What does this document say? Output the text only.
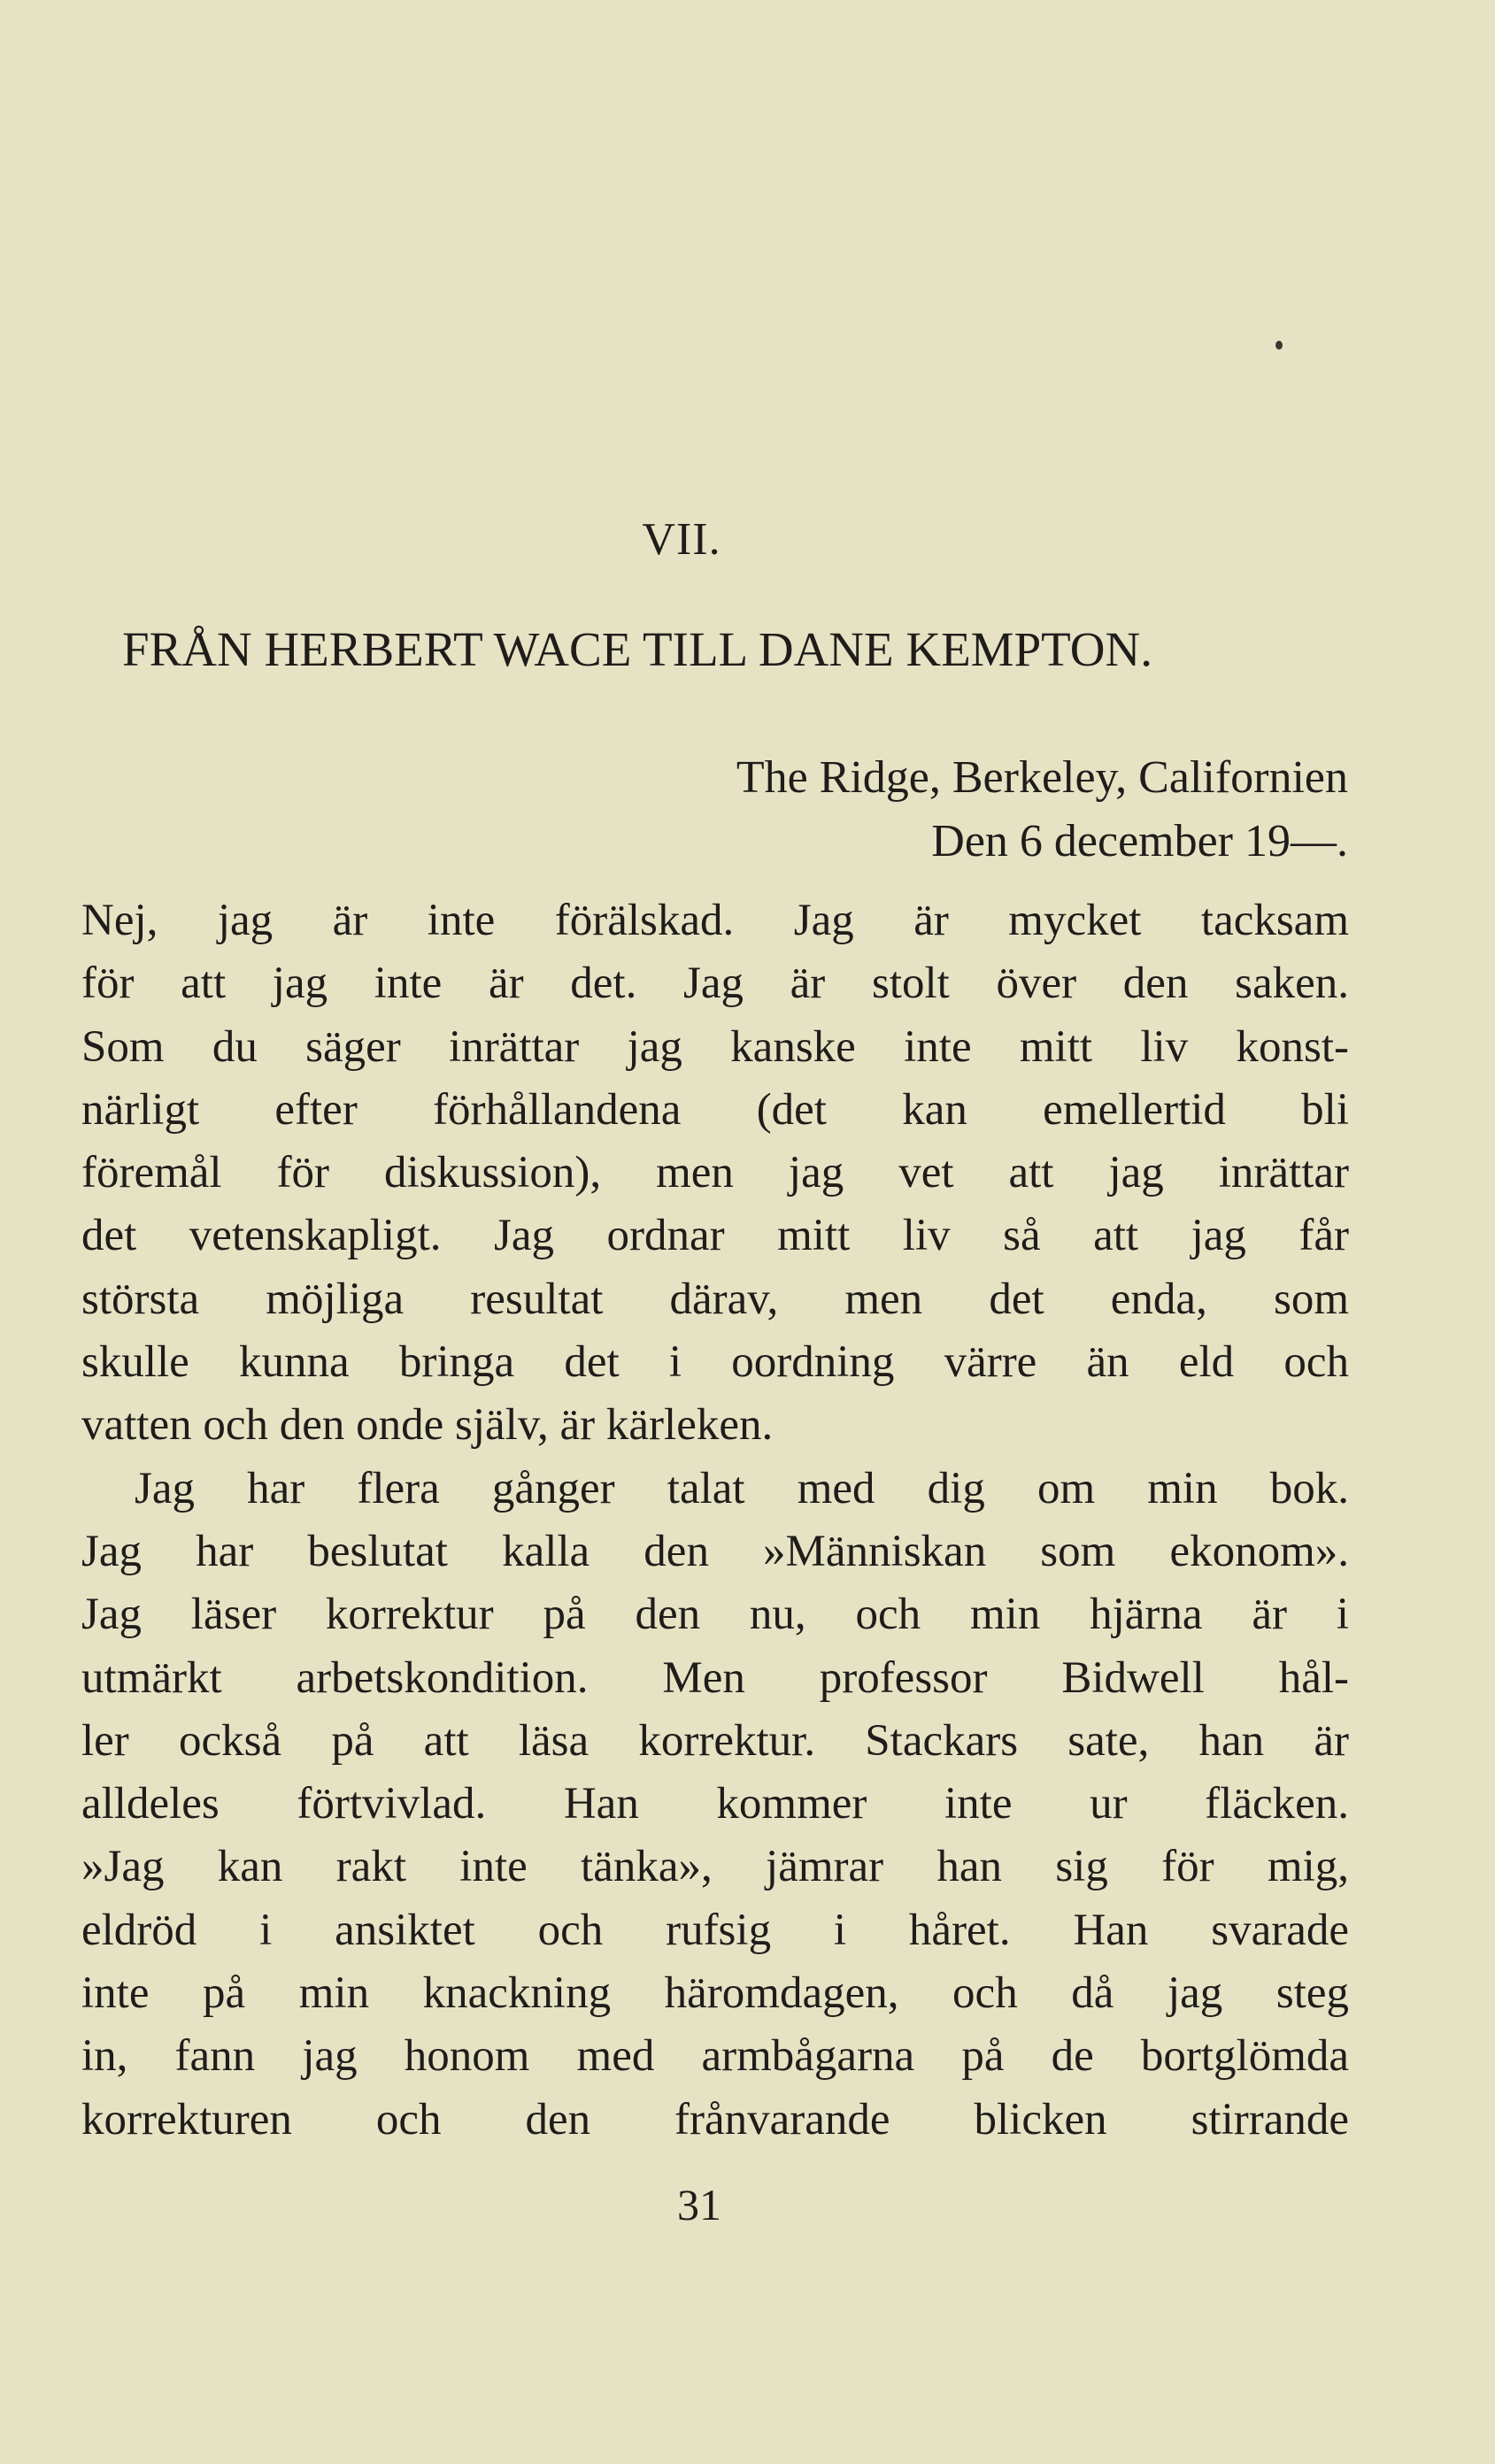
VII.
FRÅN HERBERT WACE TILL DANE KEMPTON.
The Ridge, Berkeley, Californien
Den 6 december 19—.
Nej, jag är inte förälskad. Jag är mycket tacksam
för att jag inte är det. Jag är stolt över den saken.
Som du säger inrättar jag kanske inte mitt liv konst-
närligt efter förhållandena (det kan emellertid bli
föremål för diskussion), men jag vet att jag inrättar
det vetenskapligt. Jag ordnar mitt liv så att jag får
största möjliga resultat därav, men det enda, som
skulle kunna bringa det i oordning värre än eld och
vatten och den onde själv, är kärleken.
Jag har flera gånger talat med dig om min bok.
Jag har beslutat kalla den »Människan som ekonom».
Jag läser korrektur på den nu, och min hjärna är i
utmärkt arbetskondition. Men professor Bidwell hål-
ler också på att läsa korrektur. Stackars sate, han är
alldeles förtvivlad. Han kommer inte ur fläcken.
»Jag kan rakt inte tänka», jämrar han sig för mig,
eldröd i ansiktet och rufsig i håret. Han svarade
inte på min knackning häromdagen, och då jag steg
in, fann jag honom med armbågarna på de bortglömda
korrekturen och den frånvarande blicken stirrande
31
